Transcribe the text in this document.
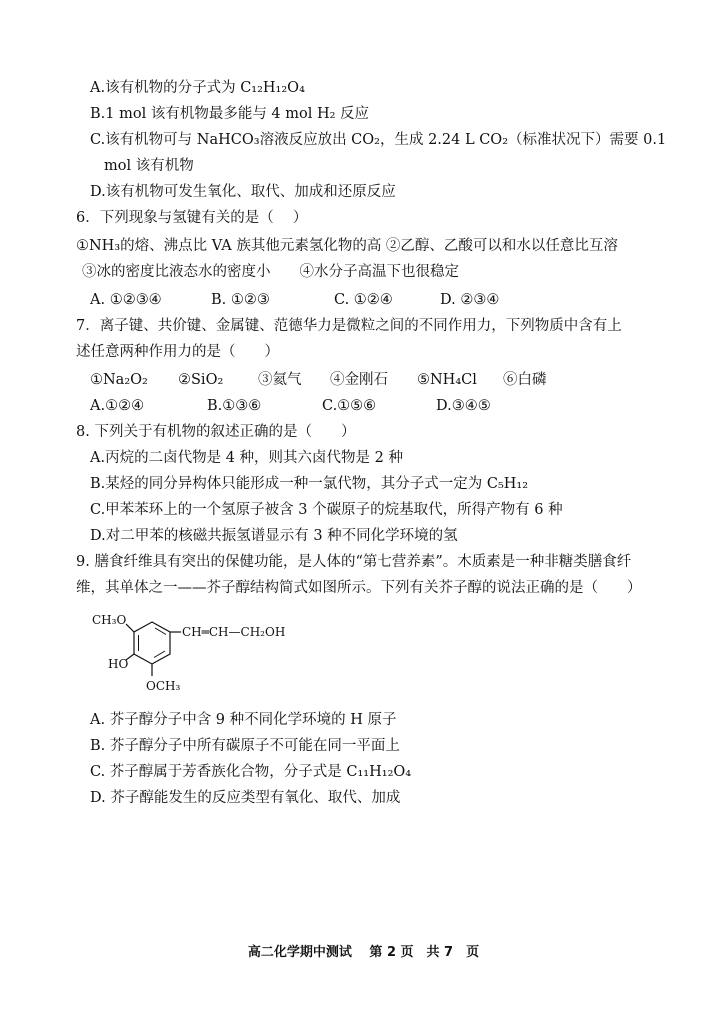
A.该有机物的分子式为 C₁₂H₁₂O₄
B.1 mol 该有机物最多能与 4 mol H₂ 反应
C.该有机物可与 NaHCO₃溶液反应放出 CO₂，生成 2.24 L CO₂（标准状况下）需要 0.1
mol 该有机物
D.该有机物可发生氧化、取代、加成和还原反应
6．下列现象与氢键有关的是（　 ）
①NH₃的熔、沸点比 VA 族其他元素氢化物的高 ②乙醇、乙酸可以和水以任意比互溶
③冰的密度比液态水的密度小　　④水分子高温下也很稳定
A. ①②③④	B. ①②③	C. ①②④	D. ②③④
7．离子键、共价键、金属键、范德华力是微粒之间的不同作用力，下列物质中含有上
述任意两种作用力的是（　　）
①Na₂O₂ ②SiO₂ ③氦气 ④金刚石 ⑤NH₄Cl ⑥白磷
A.①②④	B.①③⑥	C.①⑤⑥	D.③④⑤
8. 下列关于有机物的叙述正确的是（　　）
A.丙烷的二卤代物是 4 种，则其六卤代物是 2 种
B.某烃的同分异构体只能形成一种一氯代物，其分子式一定为 C₅H₁₂
C.甲苯苯环上的一个氢原子被含 3 个碳原子的烷基取代，所得产物有 6 种
D.对二甲苯的核磁共振氢谱显示有 3 种不同化学环境的氢
9. 膳食纤维具有突出的保健功能，是人体的“第七营养素”。木质素是一种非糖类膳食纤
维，其单体之一——芥子醇结构简式如图所示。下列有关芥子醇的说法正确的是（　　）
CH₃O
CH═CH—CH₂OH
HO
OCH₃
A. 芥子醇分子中含 9 种不同化学环境的 H 原子
B. 芥子醇分子中所有碳原子不可能在同一平面上
C. 芥子醇属于芳香族化合物，分子式是 C₁₁H₁₂O₄
D. 芥子醇能发生的反应类型有氧化、取代、加成
高二化学期中测试　 第 2 页　共 7　页
